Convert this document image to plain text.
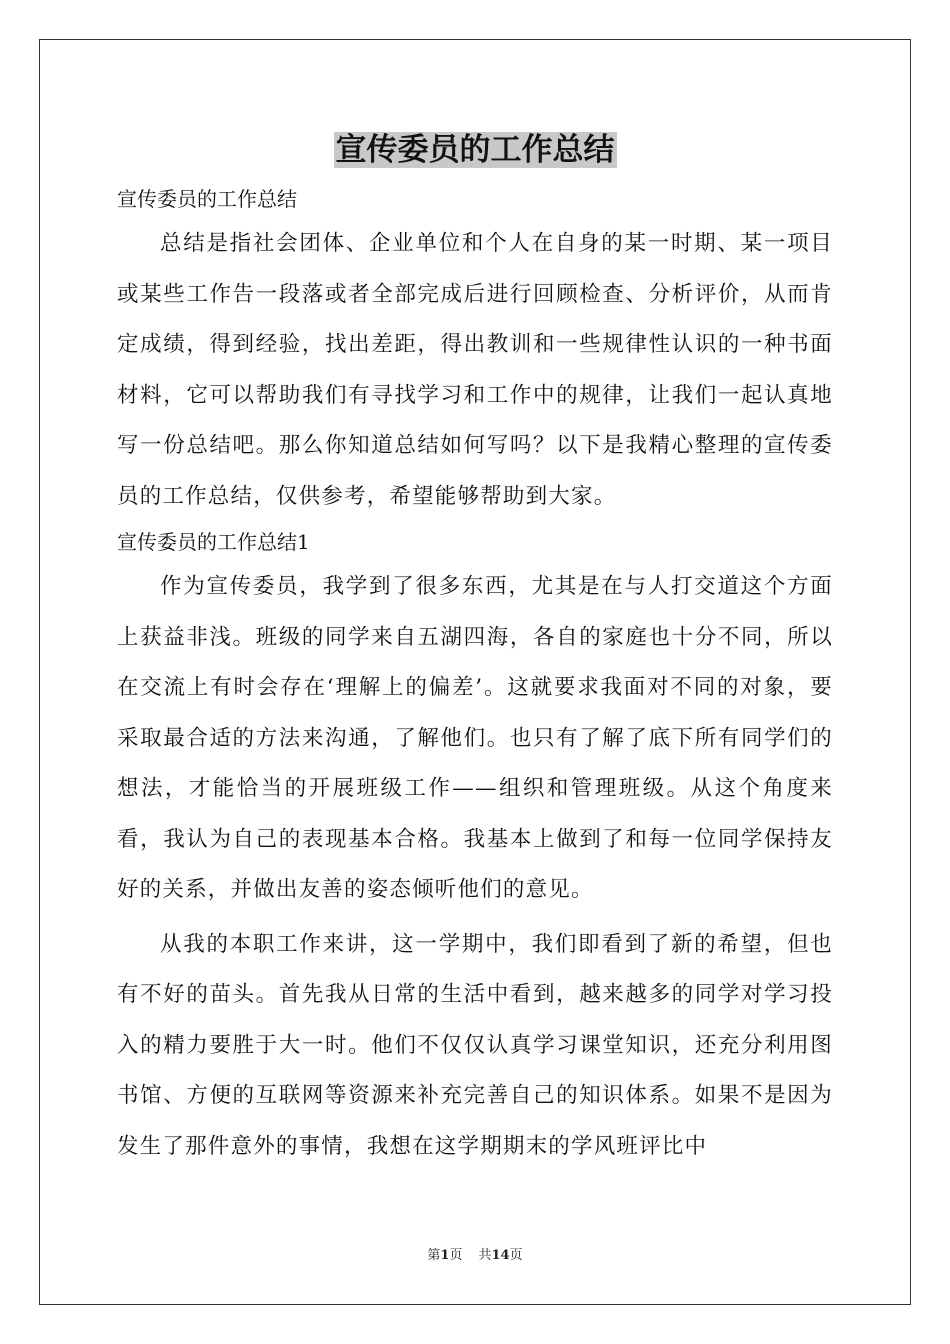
宣传委员的工作总结

宣传委员的工作总结

总结是指社会团体、企业单位和个人在自身的某一时期、某一项目或某些工作告一段落或者全部完成后进行回顾检查、分析评价，从而肯定成绩，得到经验，找出差距，得出教训和一些规律性认识的一种书面材料，它可以帮助我们有寻找学习和工作中的规律，让我们一起认真地写一份总结吧。那么你知道总结如何写吗？以下是我精心整理的宣传委员的工作总结，仅供参考，希望能够帮助到大家。

宣传委员的工作总结1

作为宣传委员，我学到了很多东西，尤其是在与人打交道这个方面上获益非浅。班级的同学来自五湖四海，各自的家庭也十分不同，所以在交流上有时会存在‘理解上的偏差’。这就要求我面对不同的对象，要采取最合适的方法来沟通，了解他们。也只有了解了底下所有同学们的想法，才能恰当的开展班级工作——组织和管理班级。从这个角度来看，我认为自己的表现基本合格。我基本上做到了和每一位同学保持友好的关系，并做出友善的姿态倾听他们的意见。

从我的本职工作来讲，这一学期中，我们即看到了新的希望，但也有不好的苗头。首先我从日常的生活中看到，越来越多的同学对学习投入的精力要胜于大一时。他们不仅仅认真学习课堂知识，还充分利用图书馆、方便的互联网等资源来补充完善自己的知识体系。如果不是因为发生了那件意外的事情，我想在这学期期末的学风班评比中

第1页 共14页
